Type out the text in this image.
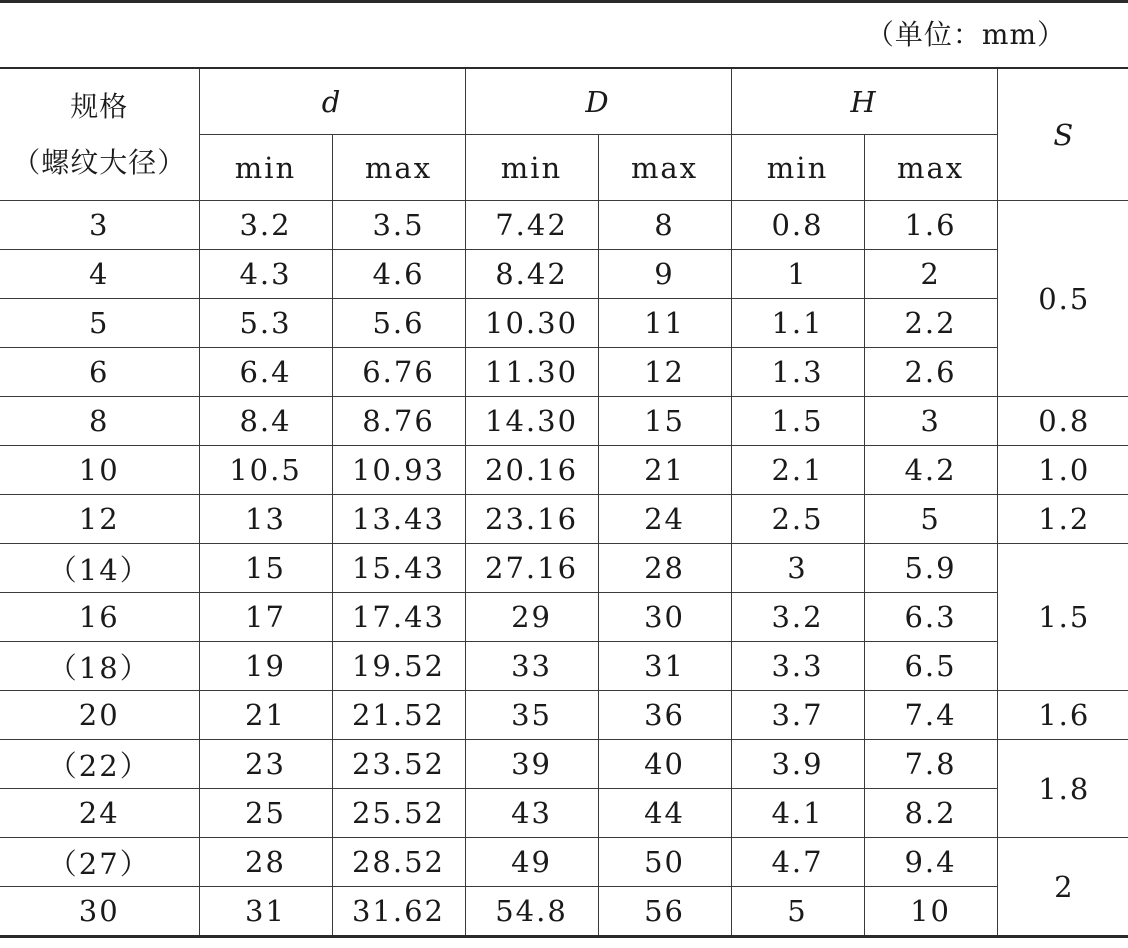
（单位：mm）
规格
（螺纹大径）	d		D		H		S
	min	max	min	max	min	max	
3	3.2	3.5	7.42	8	0.8	1.6	0.5
4	4.3	4.6	8.42	9	1	2	
5	5.3	5.6	10.30	11	1.1	2.2	
6	6.4	6.76	11.30	12	1.3	2.6	
8	8.4	8.76	14.30	15	1.5	3	0.8
10	10.5	10.93	20.16	21	2.1	4.2	1.0
12	13	13.43	23.16	24	2.5	5	1.2
（14）	15	15.43	27.16	28	3	5.9	1.5
16	17	17.43	29	30	3.2	6.3	
（18）	19	19.52	33	31	3.3	6.5	
20	21	21.52	35	36	3.7	7.4	1.6
（22）	23	23.52	39	40	3.9	7.8	1.8
24	25	25.52	43	44	4.1	8.2	
（27）	28	28.52	49	50	4.7	9.4	2
30	31	31.62	54.8	56	5	10	
